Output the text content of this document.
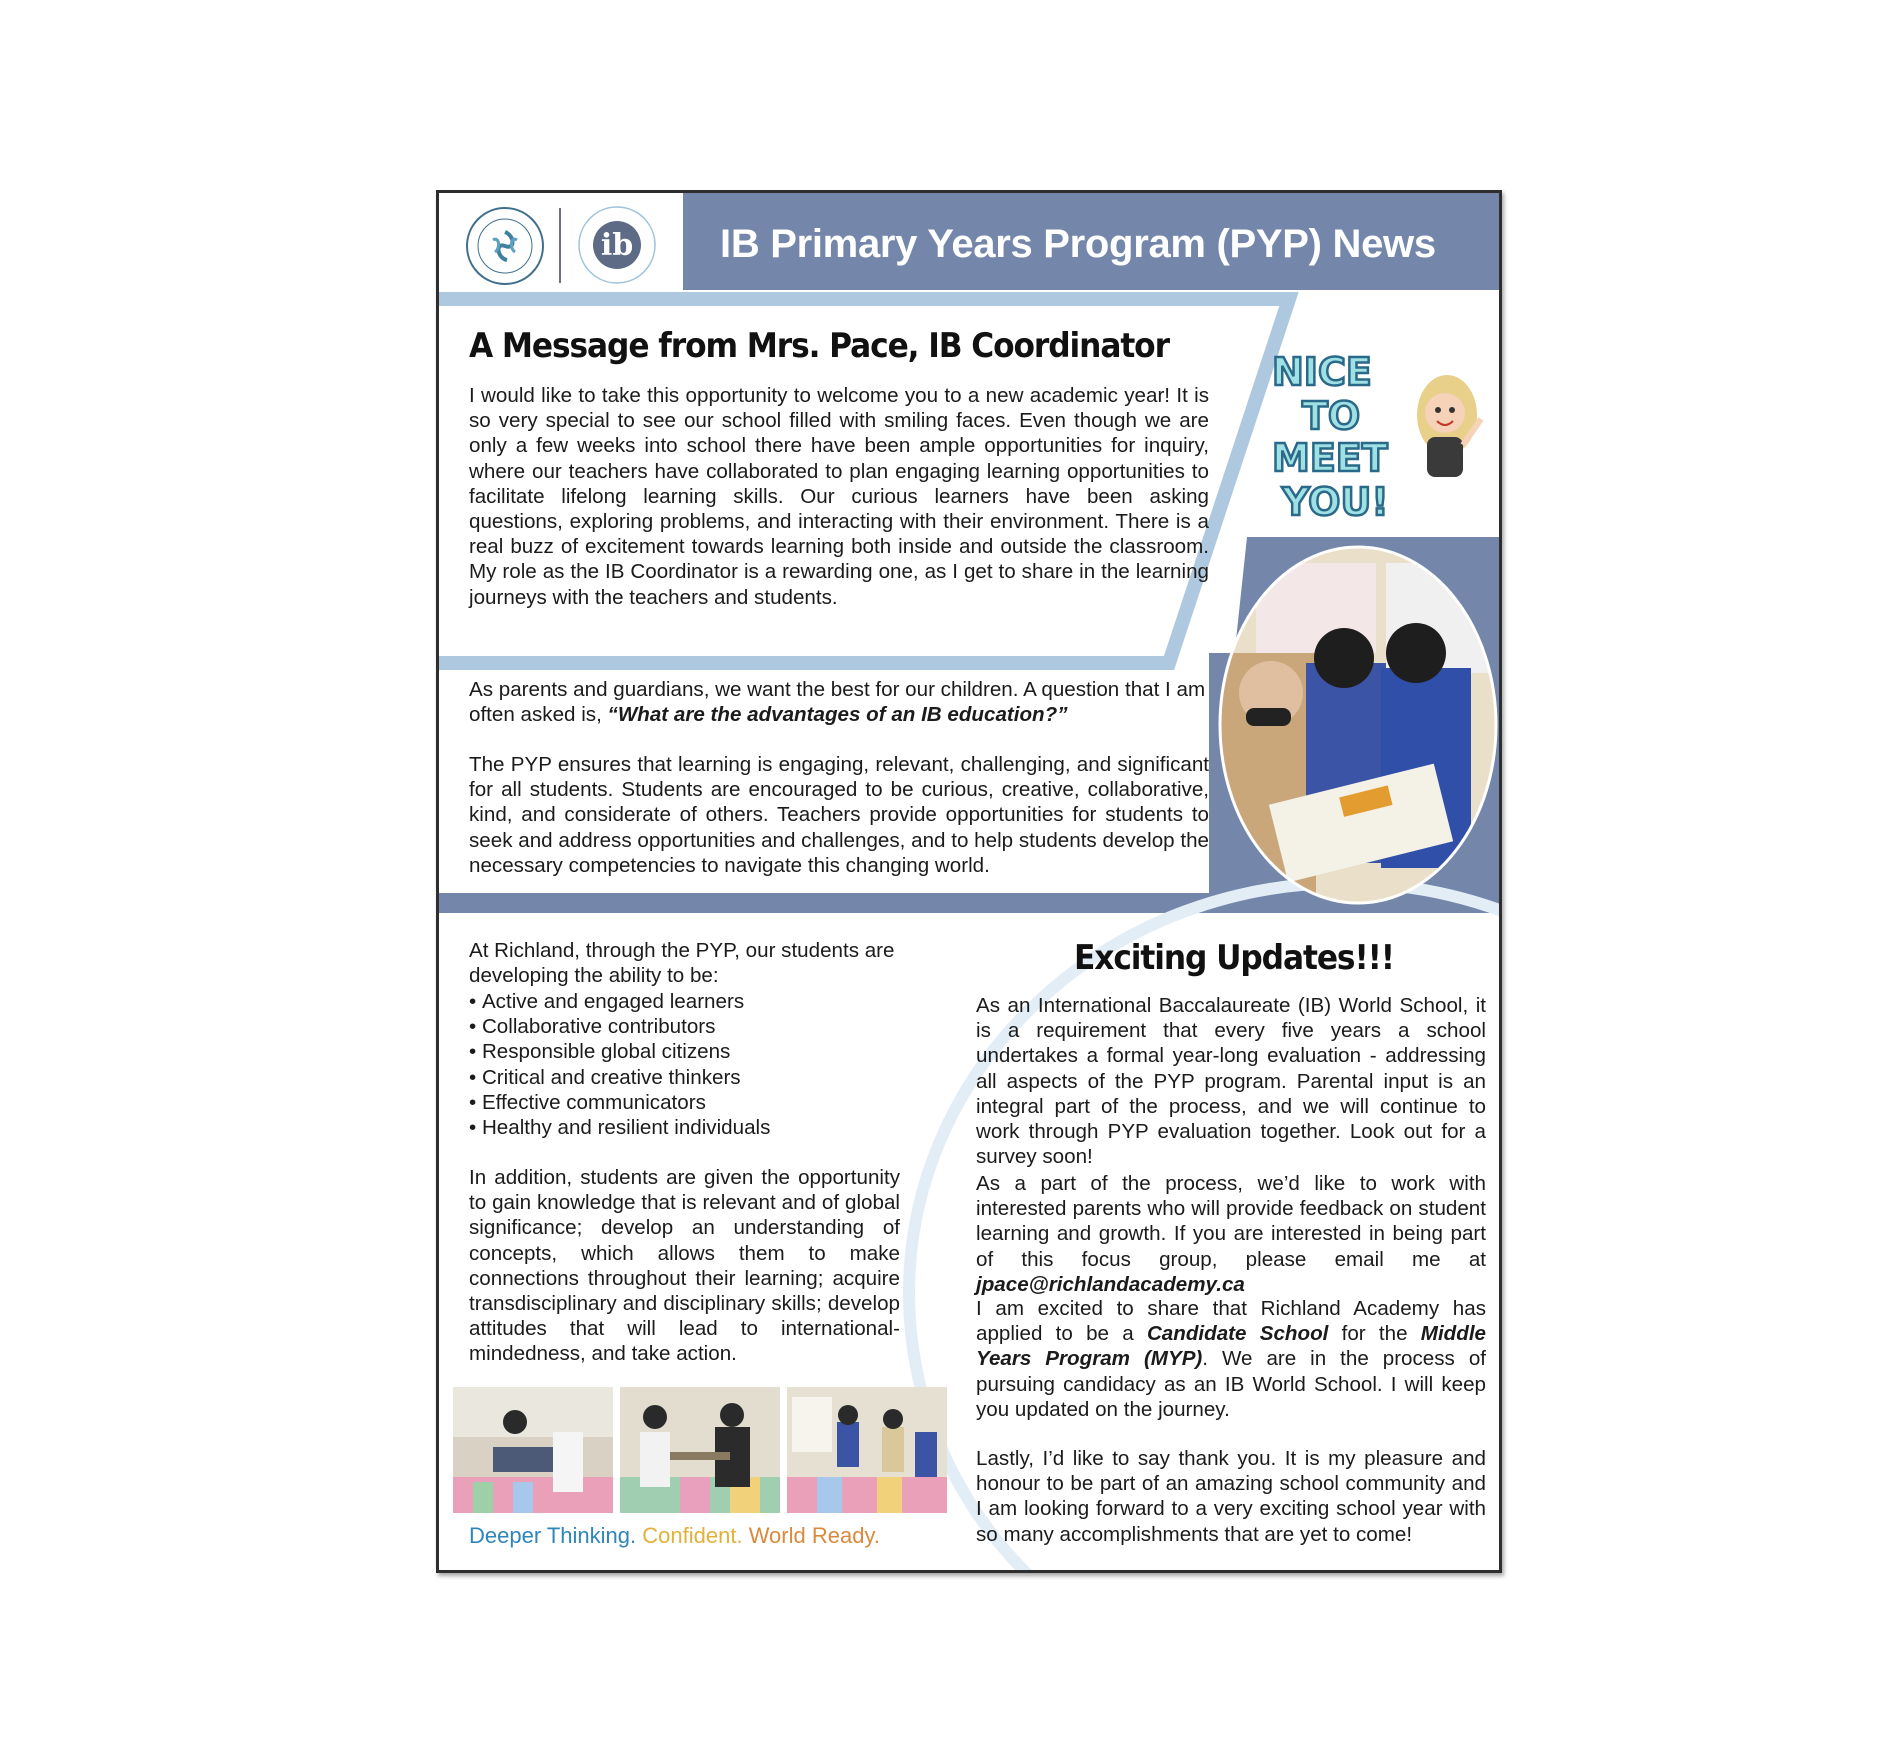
ib IB Primary Years Program (PYP) News
A Message from Mrs. Pace, IB Coordinator
I would like to take this opportunity to welcome you to a new academic year! It is so very special to see our school filled with smiling faces. Even though we are only a few weeks into school there have been ample opportunities for inquiry, where our teachers have collaborated to plan engaging learning opportunities to facilitate lifelong learning skills. Our curious learners have been asking questions, exploring problems, and interacting with their environment. There is a real buzz of excitement towards learning both inside and outside the classroom. My role as the IB Coordinator is a rewarding one, as I get to share in the learning journeys with the teachers and students.
NICE
TO
MEET
YOU!
As parents and guardians, we want the best for our children. A question that I am often asked is, “What are the advantages of an IB education?”
The PYP ensures that learning is engaging, relevant, challenging, and significant for all students. Students are encouraged to be curious, creative, collaborative, kind, and considerate of others. Teachers provide opportunities for students to seek and address opportunities and challenges, and to help students develop the necessary competencies to navigate this changing world.
At Richland, through the PYP, our students are developing the ability to be:
• Active and engaged learners
• Collaborative contributors
• Responsible global citizens
• Critical and creative thinkers
• Effective communicators
• Healthy and resilient individuals
In addition, students are given the opportunity to gain knowledge that is relevant and of global significance; develop an understanding of concepts, which allows them to make connections throughout their learning; acquire transdisciplinary and disciplinary skills; develop attitudes that will lead to international-mindedness, and take action.
Deeper Thinking. Confident. World Ready.
Exciting Updates!!!
As an International Baccalaureate (IB) World School, it is a requirement that every five years a school undertakes a formal year-long evaluation - addressing all aspects of the PYP program. Parental input is an integral part of the process, and we will continue to work through PYP evaluation together. Look out for a survey soon!
As a part of the process, we’d like to work with interested parents who will provide feedback on student learning and growth. If you are interested in being part of this focus group, please email me at jpace@richlandacademy.ca
I am excited to share that Richland Academy has applied to be a Candidate School for the Middle Years Program (MYP). We are in the process of pursuing candidacy as an IB World School. I will keep you updated on the journey.
Lastly, I’d like to say thank you. It is my pleasure and honour to be part of an amazing school community and I am looking forward to a very exciting school year with so many accomplishments that are yet to come!
